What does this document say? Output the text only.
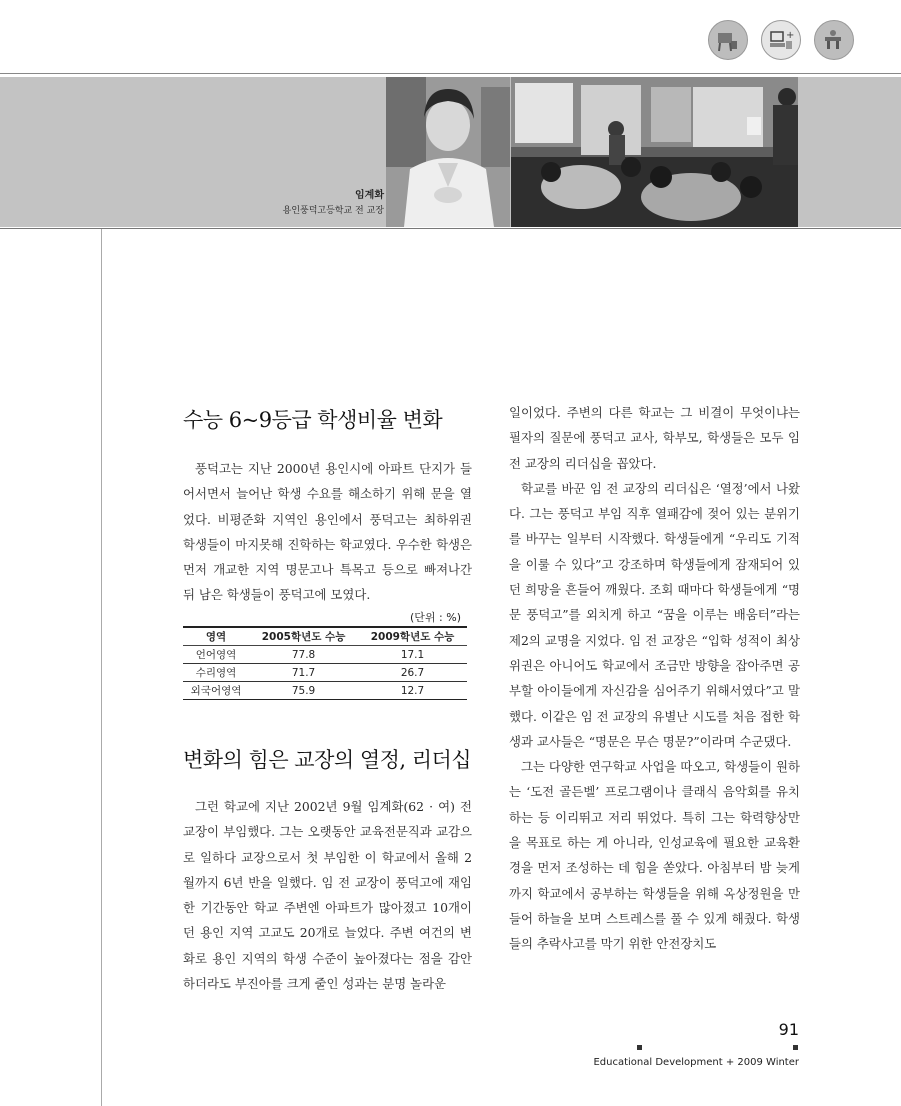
+
임계화
용인풍덕고등학교 전 교장
수능 6~9등급 학생비율 변화

풍덕고는 지난 2000년 용인시에 아파트 단지가 들어서면서 늘어난 학생 수요를 해소하기 위해 문을 열었다. 비평준화 지역인 용인에서 풍덕고는 최하위권 학생들이 마지못해 진학하는 학교였다. 우수한 학생은 먼저 개교한 지역 명문고나 특목고 등으로 빠져나간 뒤 남은 학생들이 풍덕고에 모였다.

(단위 : %)
영역	2005학년도 수능	2009학년도 수능
언어영역	77.8	17.1
수리영역	71.7	26.7
외국어영역	75.9	12.7
변화의 힘은 교장의 열정, 리더십

그런 학교에 지난 2002년 9월 임계화(62 · 여) 전 교장이 부임했다. 그는 오랫동안 교육전문직과 교감으로 일하다 교장으로서 첫 부임한 이 학교에서 올해 2월까지 6년 반을 일했다. 임 전 교장이 풍덕고에 재임한 기간동안 학교 주변엔 아파트가 많아졌고 10개이던 용인 지역 고교도 20개로 늘었다. 주변 여건의 변화로 용인 지역의 학생 수준이 높아졌다는 점을 감안하더라도 부진아를 크게 줄인 성과는 분명 놀라운

일이었다. 주변의 다른 학교는 그 비결이 무엇이냐는 필자의 질문에 풍덕고 교사, 학부모, 학생들은 모두 임 전 교장의 리더십을 꼽았다.

학교를 바꾼 임 전 교장의 리더십은 ‘열정’에서 나왔다. 그는 풍덕고 부임 직후 열패감에 젖어 있는 분위기를 바꾸는 일부터 시작했다. 학생들에게 “우리도 기적을 이룰 수 있다”고 강조하며 학생들에게 잠재되어 있던 희망을 흔들어 깨웠다. 조회 때마다 학생들에게 “명문 풍덕고”를 외치게 하고 “꿈을 이루는 배움터”라는 제2의 교명을 지었다. 임 전 교장은 “입학 성적이 최상위권은 아니어도 학교에서 조금만 방향을 잡아주면 공부할 아이들에게 자신감을 심어주기 위해서였다”고 말했다. 이같은 임 전 교장의 유별난 시도를 처음 접한 학생과 교사들은 “명문은 무슨 명문?”이라며 수군댔다.

그는 다양한 연구학교 사업을 따오고, 학생들이 원하는 ‘도전 골든벨’ 프로그램이나 클래식 음악회를 유치하는 등 이리뛰고 저리 뛰었다. 특히 그는 학력향상만을 목표로 하는 게 아니라, 인성교육에 필요한 교육환경을 먼저 조성하는 데 힘을 쏟았다. 아침부터 밤 늦게까지 학교에서 공부하는 학생들을 위해 옥상정원을 만들어 하늘을 보며 스트레스를 풀 수 있게 해줬다. 학생들의 추락사고를 막기 위한 안전장치도

91
Educational Development + 2009 Winter
